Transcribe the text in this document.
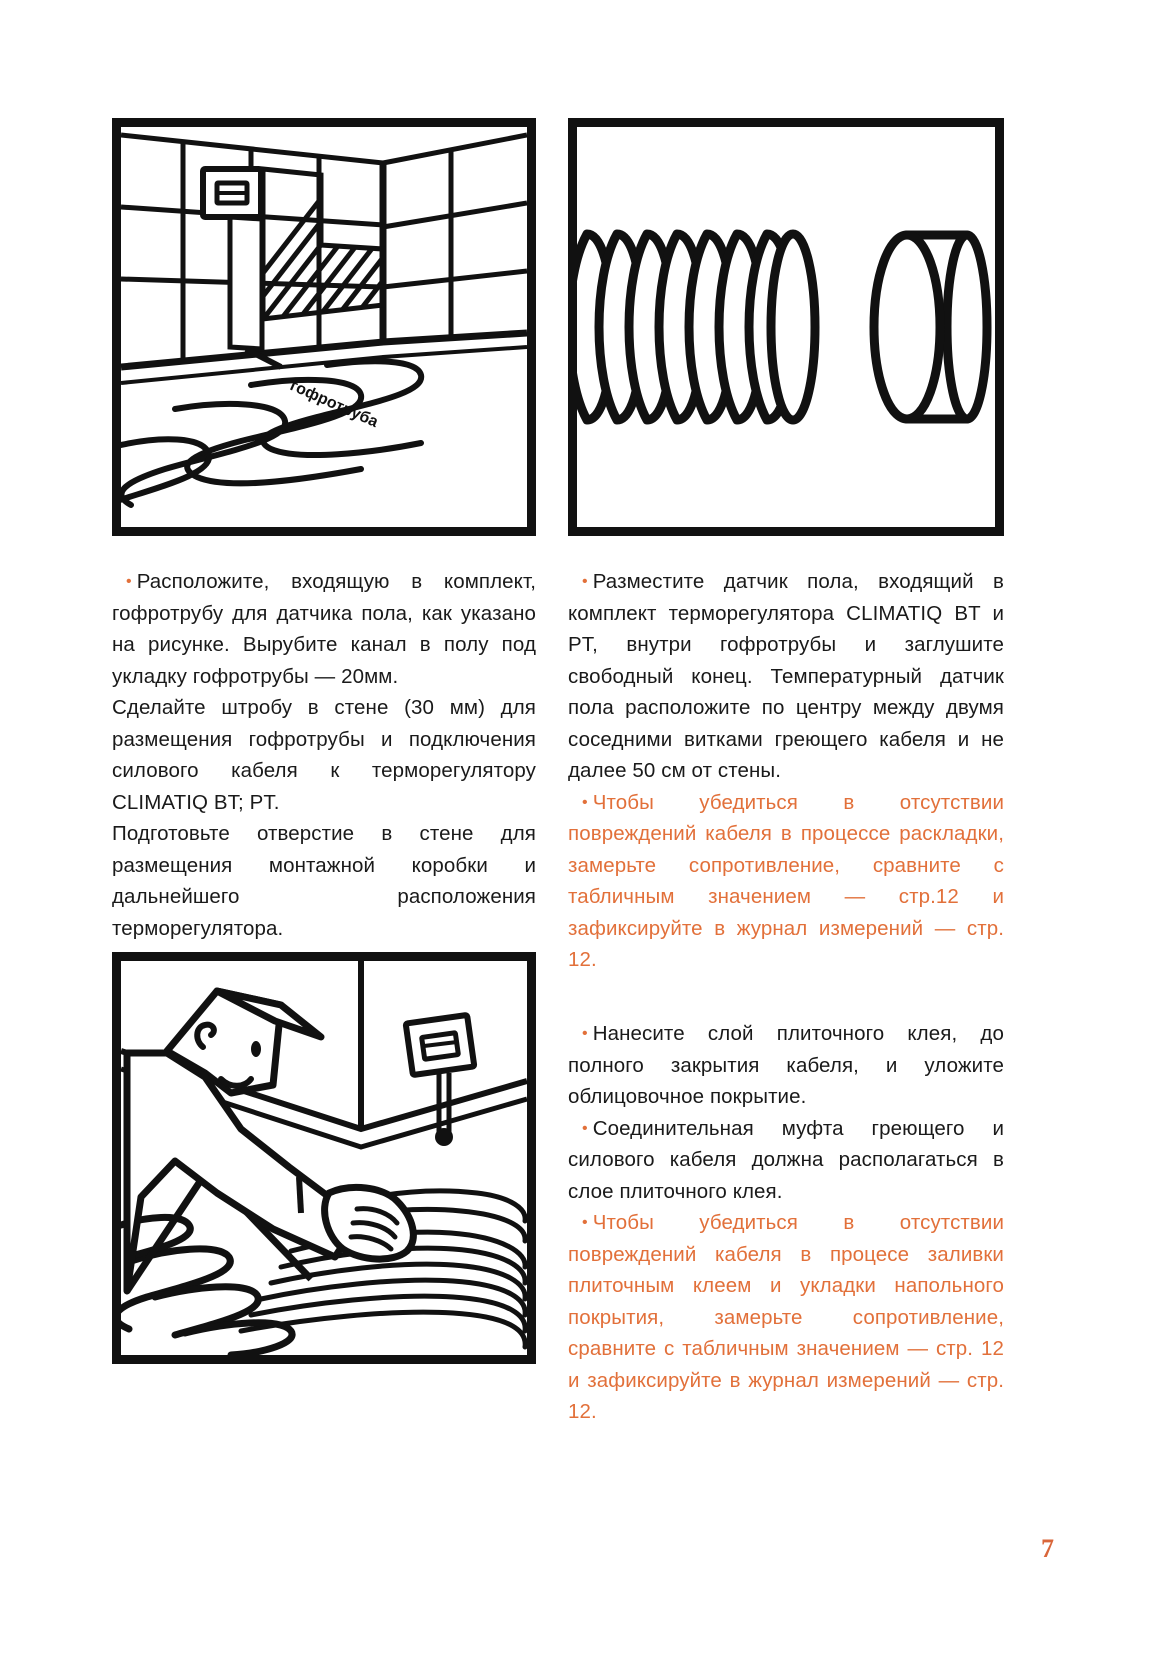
гофротруба

• Расположите, входящую в комплект, гофротрубу для датчика пола, как указано на рисунке. Вырубите канал в полу под укладку гофротрубы — 20мм.

Сделайте штробу в стене (30 мм) для размещения гофротрубы и подключения силового кабеля к терморегулятору CLIMATIQ BT; PT.

Подготовьте отверстие в стене для размещения монтажной коробки и дальнейшего расположения терморегулятора.

• Разместите датчик пола, входящий в комплект терморегулятора CLIMATIQ BT и PT, внутри гофротрубы и заглушите свободный конец. Температурный датчик пола расположите по центру между двумя соседними витками греющего кабеля и не далее 50 см от стены.

• Чтобы убедиться в отсутствии повреждений кабеля в процессе раскладки, замерьте сопротивление, сравните с табличным значением — стр.12 и зафиксируйте в журнал измерений — стр. 12.

• Нанесите слой плиточного клея, до полного закрытия кабеля, и уложите облицовочное покрытие.

• Соединительная муфта греющего и силового кабеля должна располагаться в слое плиточного клея.

• Чтобы убедиться в отсутствии повреждений кабеля в процесе заливки плиточным клеем и укладки напольного покрытия, замерьте сопротивление, сравните с табличным значением — стр. 12 и зафиксируйте в журнал измерений — стр. 12.

7
